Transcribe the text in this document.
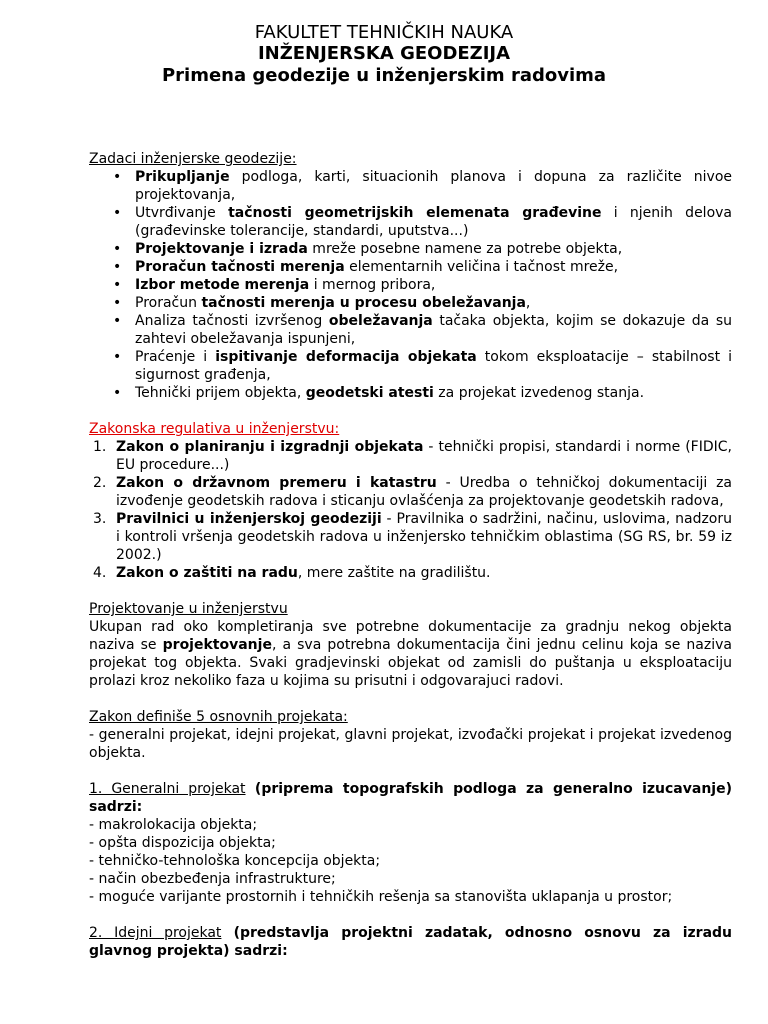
FAKULTET TEHNIČKIH NAUKA
INŽENJERSKA GEODEZIJA
Primena geodezije u inženjerskim radovima
Zadaci inženjerske geodezije:
• Prikupljanje podloga, karti, situacionih planova i dopuna za različite nivoe projektovanja,
• Utvrđivanje tačnosti geometrijskih elemenata građevine i njenih delova (građevinske tolerancije, standardi, uputstva...)
• Projektovanje i izrada mreže posebne namene za potrebe objekta,
• Proračun tačnosti merenja elementarnih veličina i tačnost mreže,
• Izbor metode merenja i mernog pribora,
• Proračun tačnosti merenja u procesu obeležavanja,
• Analiza tačnosti izvršenog obeležavanja tačaka objekta, kojim se dokazuje da su zahtevi obeležavanja ispunjeni,
• Praćenje i ispitivanje deformacija objekata tokom eksploatacije – stabilnost i sigurnost građenja,
• Tehnički prijem objekta, geodetski atesti za projekat izvedenog stanja.
Zakonska regulativa u inženjerstvu:
1. Zakon o planiranju i izgradnji objekata - tehnički propisi, standardi i norme (FIDIC, EU procedure...)
2. Zakon o državnom premeru i katastru - Uredba o tehničkoj dokumentaciji za izvođenje geodetskih radova i sticanju ovlašćenja za projektovanje geodetskih radova,
3. Pravilnici u inženjerskoj geodeziji - Pravilnika o sadržini, načinu, uslovima, nadzoru i kontroli vršenja geodetskih radova u inženjersko tehničkim oblastima (SG RS, br. 59 iz 2002.)
4. Zakon o zaštiti na radu, mere zaštite na gradilištu.
Projektovanje u inženjerstvu
Ukupan rad oko kompletiranja sve potrebne dokumentacije za gradnju nekog objekta naziva se projektovanje, a sva potrebna dokumentacija čini jednu celinu koja se naziva projekat tog objekta. Svaki gradjevinski objekat od zamisli do puštanja u eksploataciju prolazi kroz nekoliko faza u kojima su prisutni i odgovarajuci radovi.
Zakon definiše 5 osnovnih projekata:
- generalni projekat, idejni projekat, glavni projekat, izvođački projekat i projekat izvedenog objekta.
1. Generalni projekat (priprema topografskih podloga za generalno izucavanje) sadrzi:
- makrolokacija objekta;
- opšta dispozicija objekta;
- tehničko-tehnološka koncepcija objekta;
- način obezbeđenja infrastrukture;
- moguće varijante prostornih i tehničkih rešenja sa stanovišta uklapanja u prostor;
2. Idejni projekat (predstavlja projektni zadatak, odnosno osnovu za izradu glavnog projekta) sadrzi:
